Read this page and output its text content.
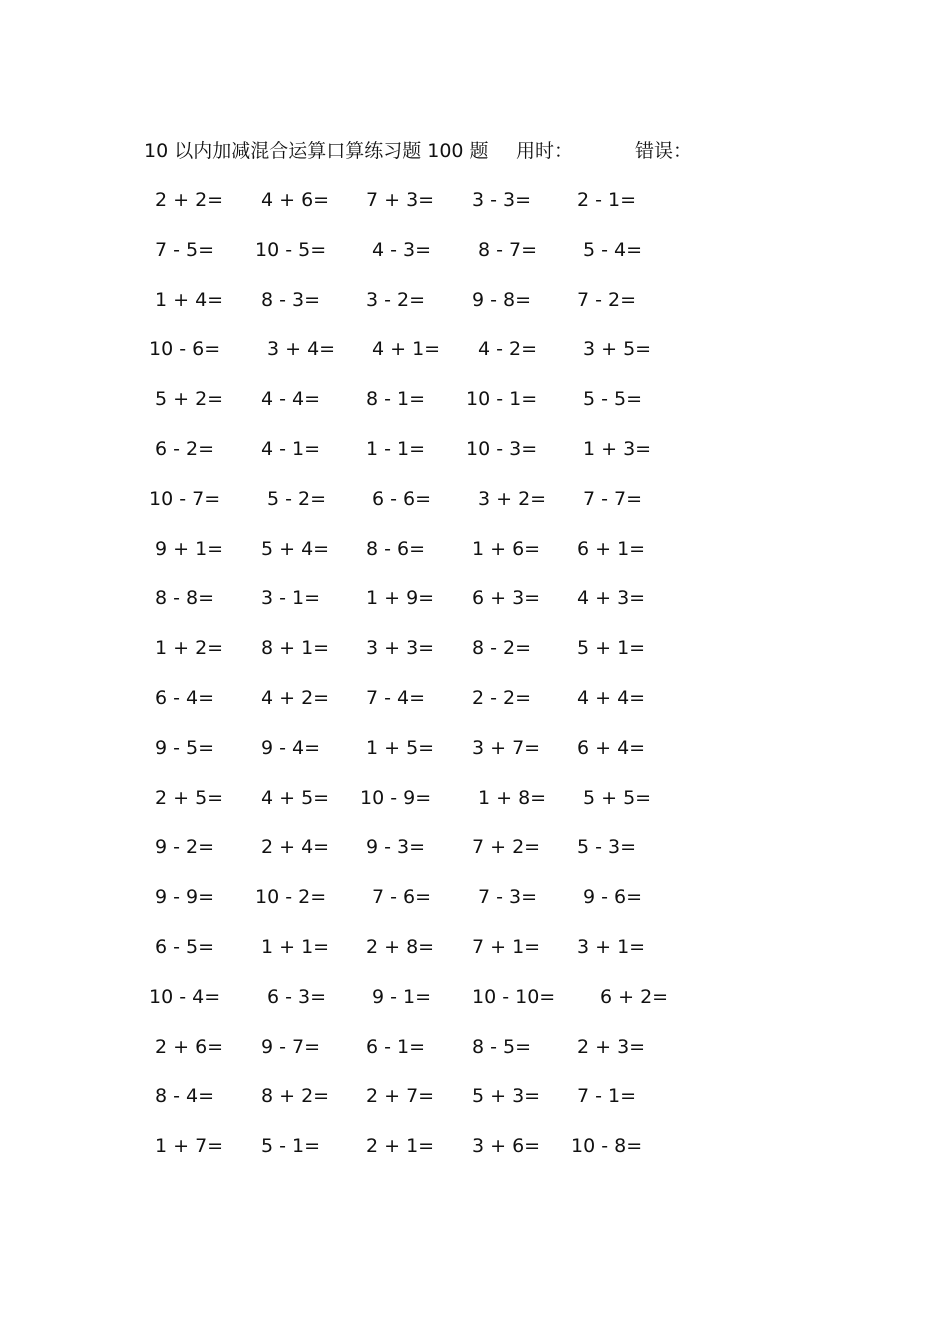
10 以内加减混合运算口算练习题 100 题 用时：	错误：
2 + 2= 4 + 6= 7 + 3= 3 - 3= 2 - 1=
7 - 5= 10 - 5= 4 - 3= 8 - 7= 5 - 4=
1 + 4= 8 - 3= 3 - 2= 9 - 8= 7 - 2=
10 - 6= 3 + 4= 4 + 1= 4 - 2= 3 + 5=
5 + 2= 4 - 4= 8 - 1= 10 - 1= 5 - 5=
6 - 2= 4 - 1= 1 - 1= 10 - 3= 1 + 3=
10 - 7= 5 - 2= 6 - 6= 3 + 2= 7 - 7=
9 + 1= 5 + 4= 8 - 6= 1 + 6= 6 + 1=
8 - 8= 3 - 1= 1 + 9= 6 + 3= 4 + 3=
1 + 2= 8 + 1= 3 + 3= 8 - 2= 5 + 1=
6 - 4= 4 + 2= 7 - 4= 2 - 2= 4 + 4=
9 - 5= 9 - 4= 1 + 5= 3 + 7= 6 + 4=
2 + 5= 4 + 5= 10 - 9= 1 + 8= 5 + 5=
9 - 2= 2 + 4= 9 - 3= 7 + 2= 5 - 3=
9 - 9= 10 - 2= 7 - 6= 7 - 3= 9 - 6=
6 - 5= 1 + 1= 2 + 8= 7 + 1= 3 + 1=
10 - 4= 6 - 3= 9 - 1= 10 - 10= 6 + 2=
2 + 6= 9 - 7= 6 - 1= 8 - 5= 2 + 3=
8 - 4= 8 + 2= 2 + 7= 5 + 3= 7 - 1=
1 + 7= 5 - 1= 2 + 1= 3 + 6= 10 - 8=
